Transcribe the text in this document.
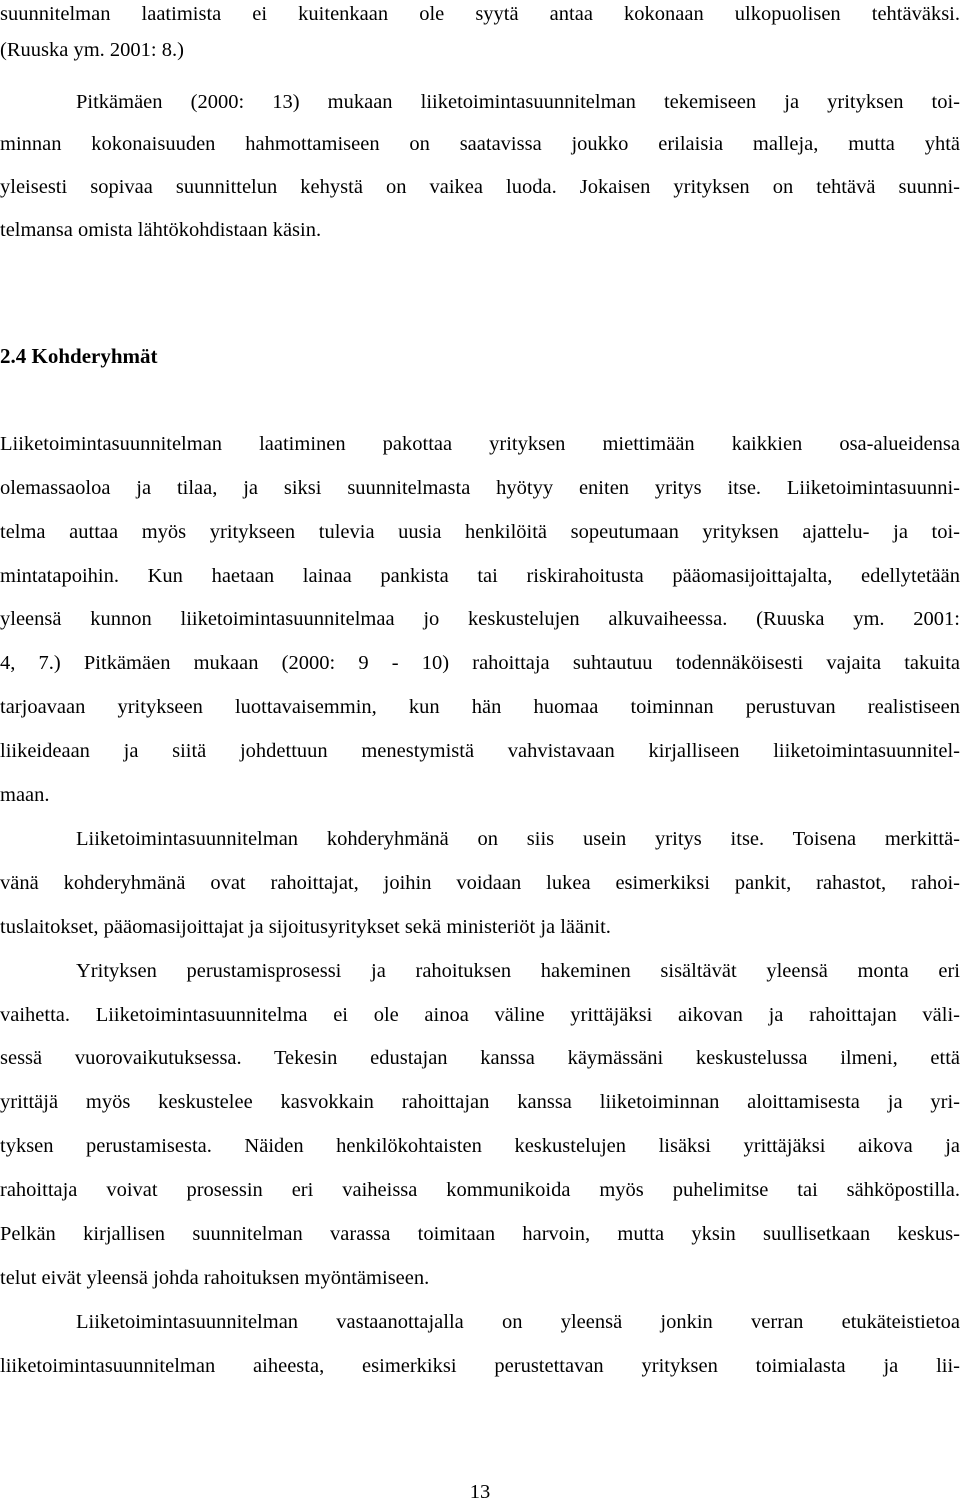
suunnitelman laatimista ei kuitenkaan ole syytä antaa kokonaan ulkopuolisen tehtäväksi.
(Ruuska ym. 2001: 8.)
Pitkämäen (2000: 13) mukaan liiketoimintasuunnitelman tekemiseen ja yrityksen toi-
minnan kokonaisuuden hahmottamiseen on saatavissa joukko erilaisia malleja, mutta yhtä
yleisesti sopivaa suunnittelun kehystä on vaikea luoda. Jokaisen yrityksen on tehtävä suunni-
telmansa omista lähtökohdistaan käsin.
2.4 Kohderyhmät
Liiketoimintasuunnitelman laatiminen pakottaa yrityksen miettimään kaikkien osa-alueidensa
olemassaoloa ja tilaa, ja siksi suunnitelmasta hyötyy eniten yritys itse. Liiketoimintasuunni-
telma auttaa myös yritykseen tulevia uusia henkilöitä sopeutumaan yrityksen ajattelu- ja toi-
mintatapoihin. Kun haetaan lainaa pankista tai riskirahoitusta pääomasijoittajalta, edellytetään
yleensä kunnon liiketoimintasuunnitelmaa jo keskustelujen alkuvaiheessa. (Ruuska ym. 2001:
4, 7.) Pitkämäen mukaan (2000: 9 - 10) rahoittaja suhtautuu todennäköisesti vajaita takuita
tarjoavaan yritykseen luottavaisemmin, kun hän huomaa toiminnan perustuvan realistiseen
liikeideaan ja siitä johdettuun menestymistä vahvistavaan kirjalliseen liiketoimintasuunnitel-
maan.
Liiketoimintasuunnitelman kohderyhmänä on siis usein yritys itse. Toisena merkittä-
vänä kohderyhmänä ovat rahoittajat, joihin voidaan lukea esimerkiksi pankit, rahastot, rahoi-
tuslaitokset, pääomasijoittajat ja sijoitusyritykset sekä ministeriöt ja läänit.
Yrityksen perustamisprosessi ja rahoituksen hakeminen sisältävät yleensä monta eri
vaihetta. Liiketoimintasuunnitelma ei ole ainoa väline yrittäjäksi aikovan ja rahoittajan väli-
sessä vuorovaikutuksessa. Tekesin edustajan kanssa käymässäni keskustelussa ilmeni, että
yrittäjä myös keskustelee kasvokkain rahoittajan kanssa liiketoiminnan aloittamisesta ja yri-
tyksen perustamisesta. Näiden henkilökohtaisten keskustelujen lisäksi yrittäjäksi aikova ja
rahoittaja voivat prosessin eri vaiheissa kommunikoida myös puhelimitse tai sähköpostilla.
Pelkän kirjallisen suunnitelman varassa toimitaan harvoin, mutta yksin suullisetkaan keskus-
telut eivät yleensä johda rahoituksen myöntämiseen.
Liiketoimintasuunnitelman vastaanottajalla on yleensä jonkin verran etukäteistietoa
liiketoimintasuunnitelman aiheesta, esimerkiksi perustettavan yrityksen toimialasta ja lii-
13
